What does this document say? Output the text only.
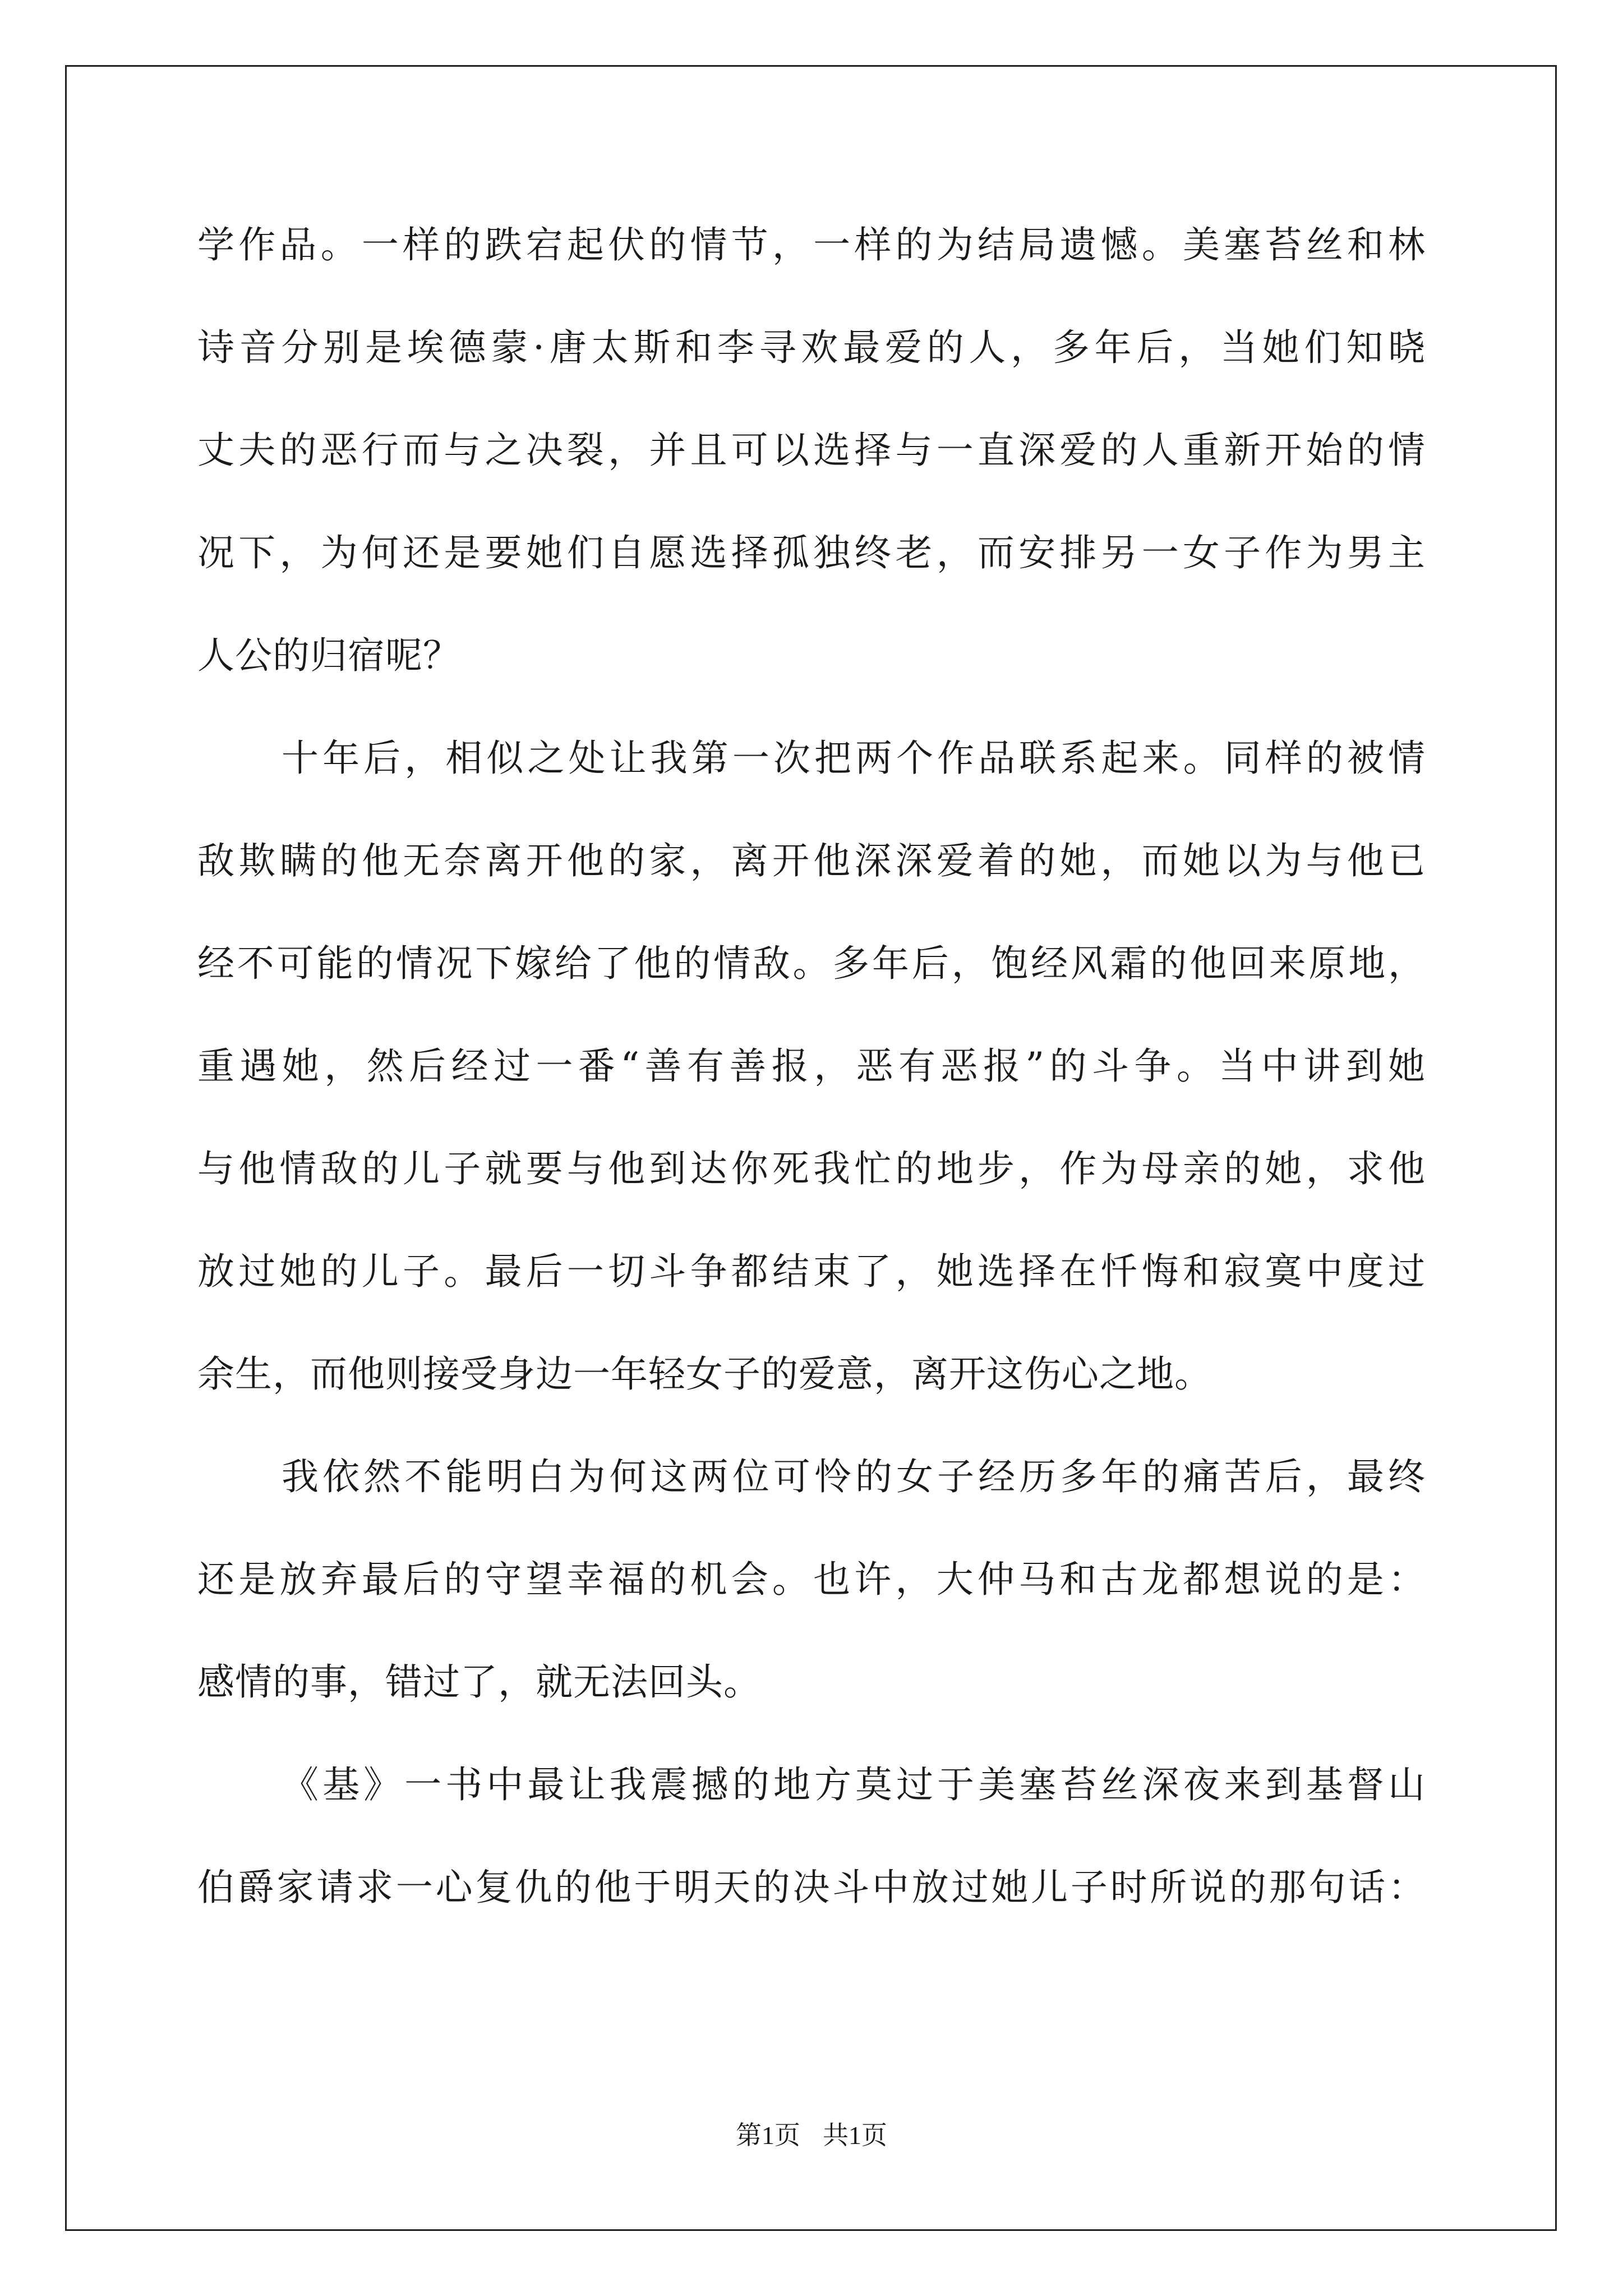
学作品。一样的跌宕起伏的情节，一样的为结局遗憾。美塞苔丝和林
诗音分别是埃德蒙·唐太斯和李寻欢最爱的人，多年后，当她们知晓
丈夫的恶行而与之决裂，并且可以选择与一直深爱的人重新开始的情
况下，为何还是要她们自愿选择孤独终老，而安排另一女子作为男主
人公的归宿呢？
十年后，相似之处让我第一次把两个作品联系起来。同样的被情
敌欺瞒的他无奈离开他的家，离开他深深爱着的她，而她以为与他已
经不可能的情况下嫁给了他的情敌。多年后，饱经风霜的他回来原地，
重遇她，然后经过一番“善有善报，恶有恶报”的斗争。当中讲到她
与他情敌的儿子就要与他到达你死我忙的地步，作为母亲的她，求他
放过她的儿子。最后一切斗争都结束了，她选择在忏悔和寂寞中度过
余生，而他则接受身边一年轻女子的爱意，离开这伤心之地。
我依然不能明白为何这两位可怜的女子经历多年的痛苦后，最终
还是放弃最后的守望幸福的机会。也许，大仲马和古龙都想说的是：
感情的事，错过了，就无法回头。
《基》一书中最让我震撼的地方莫过于美塞苔丝深夜来到基督山
伯爵家请求一心复仇的他于明天的决斗中放过她儿子时所说的那句话：
第1页 共1页
